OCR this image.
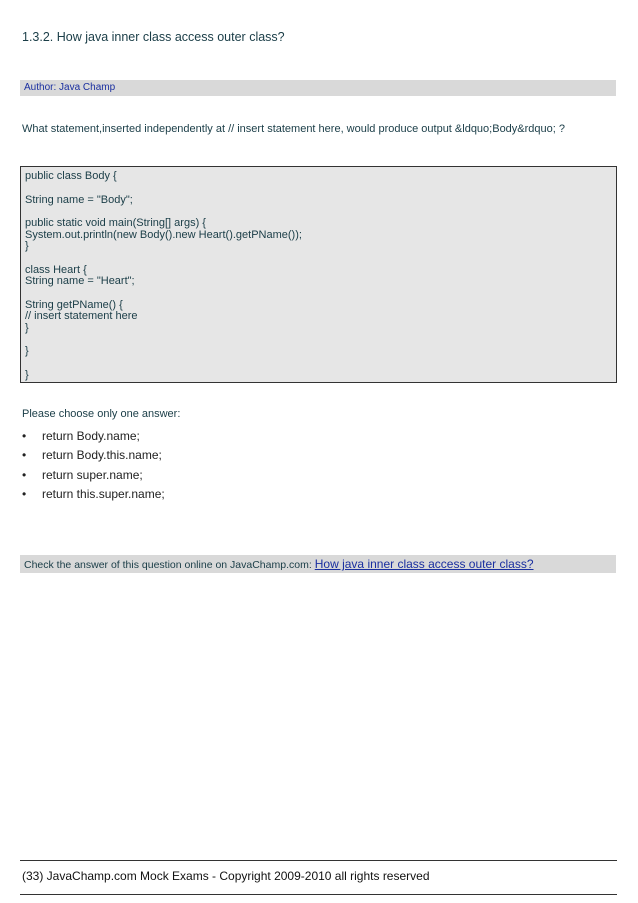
1.3.2. How java inner class access outer class?
Author: Java Champ
What statement,inserted independently at // insert statement here, would produce output &ldquo;Body&rdquo; ?
public class Body {
String name = "Body";
public static void main(String[] args) {
System.out.println(new Body().new Heart().getPName());
}
class Heart {
String name = "Heart";
String getPName() {
// insert statement here
}
}
}
Please choose only one answer:
•	return Body.name;
•	return Body.this.name;
•	return super.name;
•	return this.super.name;
Check the answer of this question online on JavaChamp.com: How java inner class access outer class?
(33) JavaChamp.com Mock Exams - Copyright 2009-2010 all rights reserved
